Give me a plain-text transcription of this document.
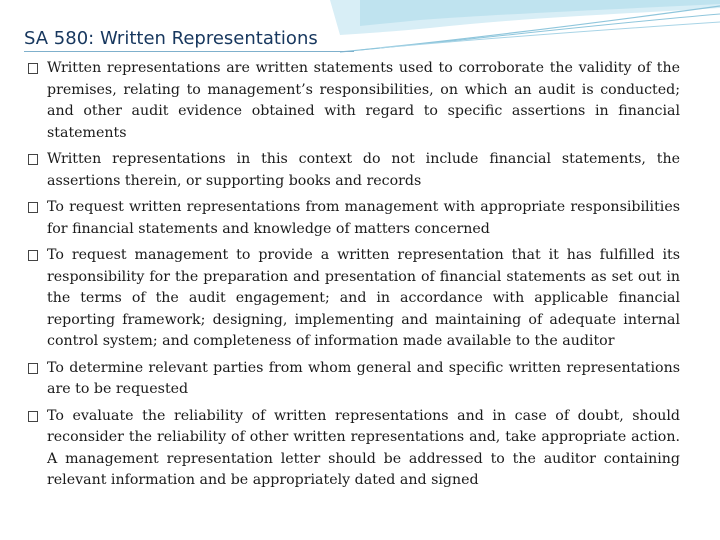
SA 580: Written Representations
Written representations are written statements used to corroborate the validity of the premises, relating to management’s responsibilities, on which an audit is conducted; and other audit evidence obtained with regard to specific assertions in financial statements
Written representations in this context do not include financial statements, the assertions therein, or supporting books and records
To request written representations from management with appropriate responsibilities for financial statements and knowledge of matters concerned
To request management to provide a written representation that it has fulfilled its responsibility for the preparation and presentation of financial statements as set out in the terms of the audit engagement; and in accordance with applicable financial reporting framework; designing, implementing and maintaining of adequate internal control system; and completeness of information made available to the auditor
To determine relevant parties from whom general and specific written representations are to be requested
To evaluate the reliability of written representations and in case of doubt, should reconsider the reliability of other written representations and, take appropriate action. A management representation letter should be addressed to the auditor containing relevant information and be appropriately dated and signed
